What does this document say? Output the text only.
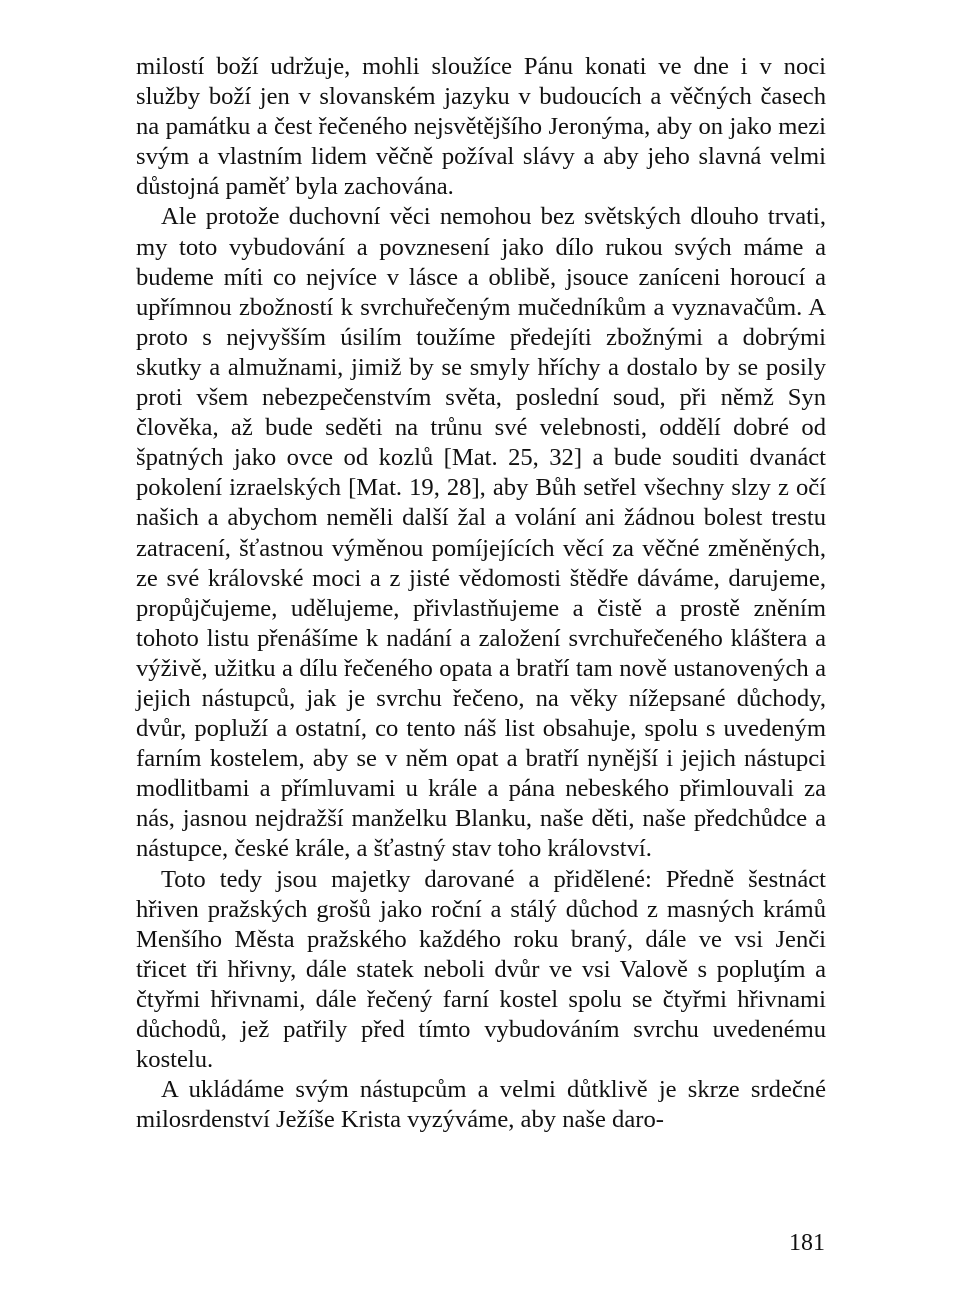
milostí boží udržuje, mohli sloužíce Pánu konati ve dne i v noci služby boží jen v slovanském jazyku v budoucích a věčných časech na památku a čest řečeného nejsvětějšího Jeronýma, aby on jako mezi svým a vlastním lidem věčně požíval slávy a aby jeho slavná velmi důstojná paměť byla zachována.

Ale protože duchovní věci nemohou bez světských dlouho trvati, my toto vybudování a povznesení jako dílo rukou svých máme a budeme míti co nejvíce v lásce a oblibě, jsouce zaníceni horoucí a upřímnou zbožností k svrchuřečeným mučedníkům a vyznavačům. A proto s nejvyšším úsilím toužíme předejíti zbožnými a dobrými skutky a almužnami, jimiž by se smyly hříchy a dostalo by se posily proti všem nebezpečenstvím světa, poslední soud, při němž Syn člověka, až bude seděti na trůnu své velebnosti, oddělí dobré od špatných jako ovce od kozlů [Mat. 25, 32] a bude souditi dvanáct pokolení izraelských [Mat. 19, 28], aby Bůh setřel všechny slzy z očí našich a abychom neměli další žal a volání ani žádnou bolest trestu zatracení, šťastnou výměnou pomíjejících věcí za věčné změněných, ze své královské moci a z jisté vědomosti štědře dáváme, darujeme, propůjčujeme, udělujeme, přivlastňujeme a čistě a prostě zněním tohoto listu přenášíme k nadání a založení svrchuřečeného kláštera a výživě, užitku a dílu řečeného opata a bratří tam nově ustanovených a jejich nástupců, jak je svrchu řečeno, na věky nížepsané důchody, dvůr, popluží a ostatní, co tento náš list obsahuje, spolu s uvedeným farním kostelem, aby se v něm opat a bratří nynější i jejich nástupci modlitbami a přímluvami u krále a pána nebeského přimlouvali za nás, jasnou nejdražší manželku Blanku, naše děti, naše předchůdce a nástupce, české krále, a šťastný stav toho království.

Toto tedy jsou majetky darované a přidělené: Předně šestnáct hřiven pražských grošů jako roční a stálý důchod z masných krámů Menšího Města pražského každého roku braný, dále ve vsi Jenči třicet tři hřivny, dále statek neboli dvůr ve vsi Valově s popluţím a čtyřmi hřivnami, dále řečený farní kostel spolu se čtyřmi hřivnami důchodů, jež patřily před tímto vybudováním svrchu uvedenému kostelu.

A ukládáme svým nástupcům a velmi důtklivě je skrze srdečné milosrdenství Ježíše Krista vyzýváme, aby naše daro-

181
